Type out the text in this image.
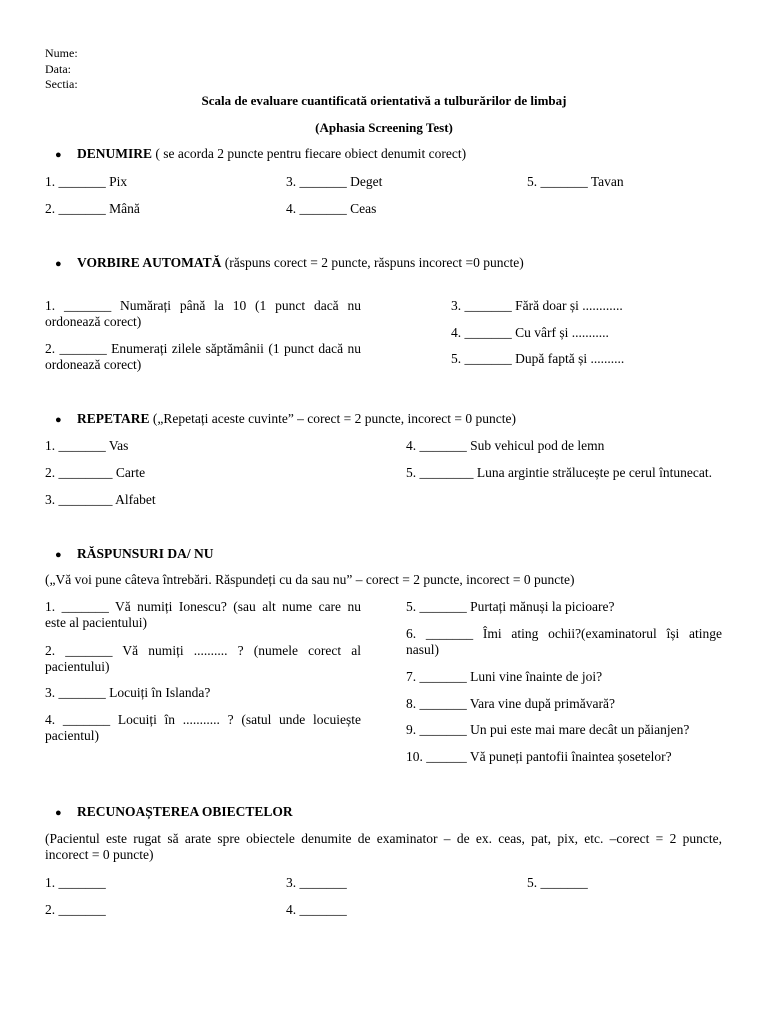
Nume:
Data:
Sectia:
Scala de evaluare cuantificată orientativă a tulburărilor de limbaj
(Aphasia Screening Test)
● DENUMIRE ( se acorda 2 puncte pentru fiecare obiect denumit corect)
1. _______ Pix
2. _______ Mână
3. _______ Deget
4. _______ Ceas
5. _______ Tavan
● VORBIRE AUTOMATĂ (răspuns corect = 2 puncte, răspuns incorect =0 puncte)
1. _______ Numărați până la 10 (1 punct dacă nu
ordonează corect)
2. _______ Enumerați zilele săptămânii (1 punct dacă nu
ordonează corect)
3. _______ Fără doar și ............
4. _______ Cu vârf și ...........
5. _______ După faptă și ..........
● REPETARE („Repetați aceste cuvinte” – corect = 2 puncte, incorect = 0 puncte)
1. _______ Vas
2. ________ Carte
3. ________ Alfabet
4. _______ Sub vehicul pod de lemn
5. ________ Luna argintie strălucește pe cerul întunecat.
● RĂSPUNSURI DA/ NU
(„Vă voi pune câteva întrebări. Răspundeți cu da sau nu” – corect = 2 puncte, incorect = 0 puncte)
1. _______ Vă numiți Ionescu? (sau alt nume care nu
este al pacientului)
2. _______ Vă numiți .......... ? (numele corect al
pacientului)
3. _______ Locuiți în Islanda?
4. _______ Locuiți în ........... ? (satul unde locuiește
pacientul)
5. _______ Purtați mănuși la picioare?
6. _______ Îmi ating ochii?(examinatorul își atinge
nasul)
7. _______ Luni vine înainte de joi?
8. _______ Vara vine după primăvară?
9. _______ Un pui este mai mare decât un păianjen?
10. ______ Vă puneți pantofii înaintea șosetelor?
● RECUNOAȘTEREA OBIECTELOR
(Pacientul este rugat să arate spre obiectele denumite de examinator – de ex. ceas, pat, pix, etc. –corect = 2 puncte,
incorect = 0 puncte)
1. _______
2. _______
3. _______
4. _______
5. _______
